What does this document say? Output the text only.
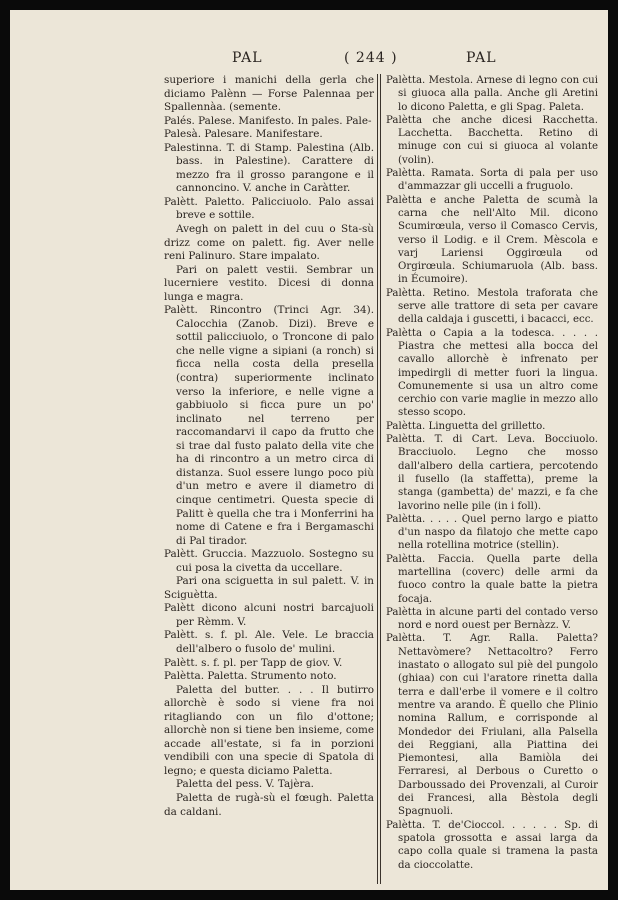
PAL	( 244 )	PAL

superiore i manichi della gerla che diciamo Palènn — Forse Palennaa per Spallennàa. (semente.

Palés. Palese. Manifesto. In pales. Pale-

Palesà. Palesare. Manifestare.

Palestinna. T. di Stamp. Palestina (Alb. bass. in Palestine). Carattere di mezzo fra il grosso parangone e il cannoncino. V. anche in Caràtter.

Palètt. Paletto. Palicciuolo. Palo assai breve e sottile.

Avegh on palett in del cuu o Sta-sù drizz come on palett. fig. Aver nelle reni Palinuro. Stare impalato.

Pari on palett vestii. Sembrar un lucerniere vestito. Dicesi di donna lunga e magra.

Palètt. Rincontro (Trinci Agr. 34). Calocchia (Zanob. Dizi). Breve e sottil palicciuolo, o Troncone di palo che nelle vigne a sipiani (a ronch) si ficca nella costa della presella (contra) superiormente inclinato verso la inferiore, e nelle vigne a gabbiuolo si ficca pure un po' inclinato nel terreno per raccomandarvi il capo da frutto che si trae dal fusto palato della vite che ha di rincontro a un metro circa di distanza. Suol essere lungo poco più d'un metro e avere il diametro di cinque centimetri. Questa specie di Palitt è quella che tra i Monferrini ha nome di Catene e fra i Bergamaschi di Pal tirador.

Palètt. Gruccia. Mazzuolo. Sostegno su cui posa la civetta da uccellare.

Pari ona sciguetta in sul palett. V. in Sciguètta.

Palètt dicono alcuni nostri barcajuoli per Rèmm. V.

Palètt. s. f. pl. Ale. Vele. Le braccia dell'albero o fusolo de' mulini.

Palètt. s. f. pl. per Tapp de giov. V.

Palètta. Paletta. Strumento noto.

Paletta del butter. . . . Il butirro allorchè è sodo si viene fra noi ritagliando con un filo d'ottone; allorchè non si tiene ben insieme, come accade all'estate, si fa in porzioni vendibili con una specie di Spatola di legno; e questa diciamo Paletta.

Paletta del pess. V. Tajèra.

Paletta de rugà-sù el fœugh. Paletta da caldani.

Palètta. Mestola. Arnese di legno con cui si giuoca alla palla. Anche gli Aretini lo dicono Paletta, e gli Spag. Paleta.

Palètta che anche dicesi Racchetta. Lacchetta. Bacchetta. Retino di minuge con cui si giuoca al volante (volin).

Palètta. Ramata. Sorta di pala per uso d'ammazzar gli uccelli a fruguolo.

Palètta e anche Paletta de scumà la carna che nell'Alto Mil. dicono Scumirœula, verso il Comasco Cervis, verso il Lodig. e il Crem. Mèscola e varj Lariensi Oggirœula od Orgirœula. Schiumaruola (Alb. bass. in Écumoire).

Palètta. Retino. Mestola traforata che serve alle trattore di seta per cavare della caldaja i guscetti, i bacacci, ecc.

Palètta o Capia a la todesca. . . . . Piastra che mettesi alla bocca del cavallo allorchè è infrenato per impedirgli di metter fuori la lingua. Comunemente si usa un altro come cerchio con varie maglie in mezzo allo stesso scopo.

Palètta. Linguetta del grilletto.

Palètta. T. di Cart. Leva. Bocciuolo. Bracciuolo. Legno che mosso dall'albero della cartiera, percotendo il fusello (la staffetta), preme la stanga (gambetta) de' mazzi, e fa che lavorino nelle pile (in i foll).

Palètta. . . . . Quel perno largo e piatto d'un naspo da filatojo che mette capo nella rotellina motrice (stellin).

Palètta. Faccia. Quella parte della martellina (coverc) delle armi da fuoco contro la quale batte la pietra focaja.

Palètta in alcune parti del contado verso nord e nord ouest per Bernàzz. V.

Palètta. T. Agr. Ralla. Paletta? Nettavòmere? Nettacoltro? Ferro inastato o allogato sul piè del pungolo (ghiaa) con cui l'aratore rinetta dalla terra e dall'erbe il vomere e il coltro mentre va arando. È quello che Plinio nomina Rallum, e corrisponde al Mondedor dei Friulani, alla Palsella dei Reggiani, alla Piattina dei Piemontesi, alla Bamiòla dei Ferraresi, al Derbous o Curetto o Darboussado dei Provenzali, al Curoir dei Francesi, alla Bèstola degli Spagnuoli.

Palètta. T. de'Cioccol. . . . . . Sp. di spatola grossotta e assai larga da capo colla quale si tramena la pasta da cioccolatte.
